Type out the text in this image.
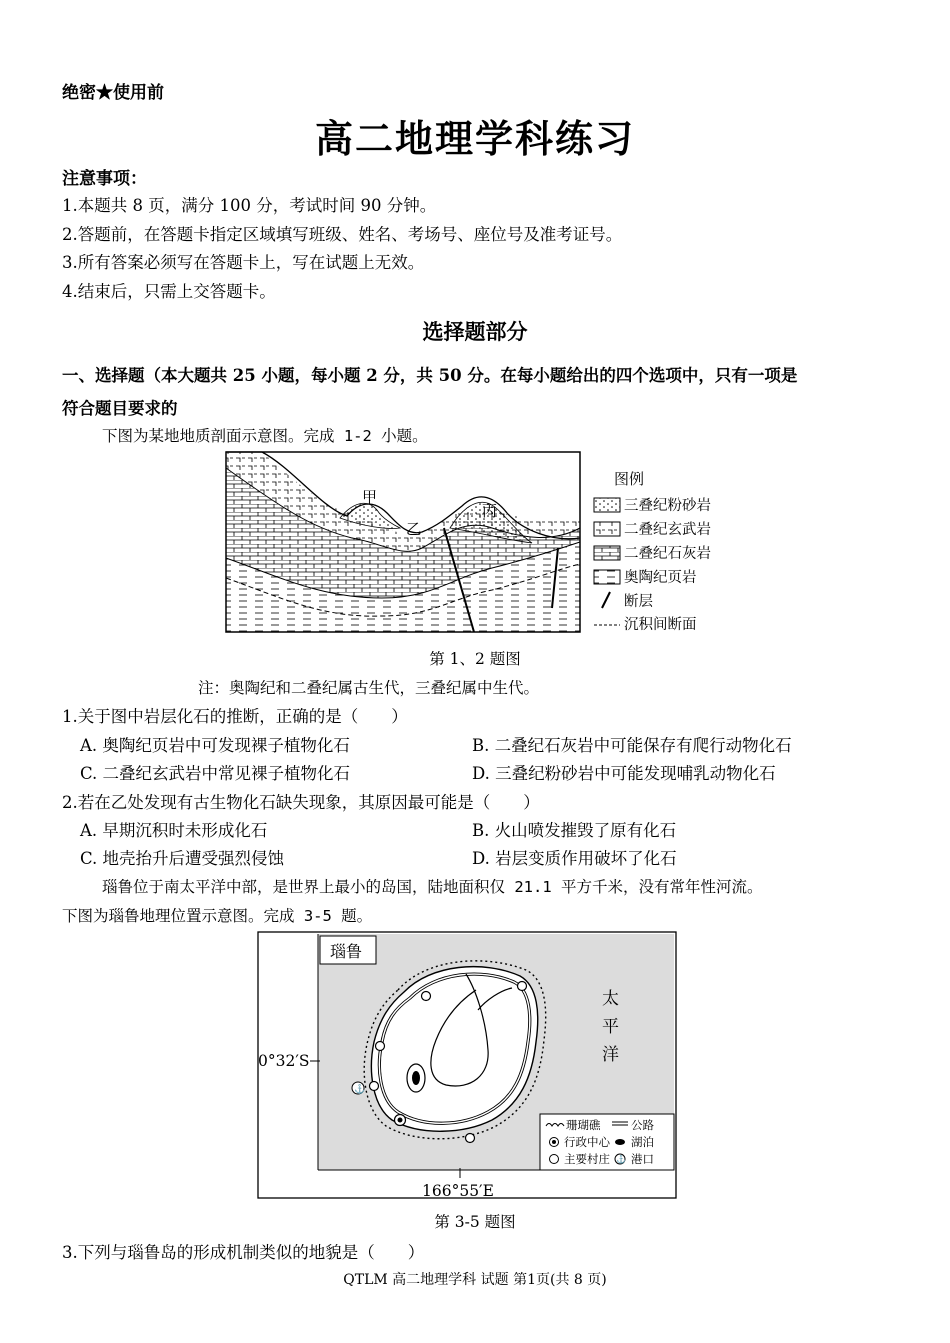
绝密★使用前
高二地理学科练习
注意事项：
1.本题共 8 页，满分 100 分，考试时间 90 分钟。
2.答题前，在答题卡指定区域填写班级、姓名、考场号、座位号及准考证号。
3.所有答案必须写在答题卡上，写在试题上无效。
4.结束后，只需上交答题卡。
选择题部分
一、选择题（本大题共 25 小题，每小题 2 分，共 50 分。在每小题给出的四个选项中，只有一项是
符合题目要求的
下图为某地地质剖面示意图。完成 1-2 小题。
甲
乙
丙
图例
三叠纪粉砂岩
二叠纪玄武岩
二叠纪石灰岩
奥陶纪页岩
断层
沉积间断面
第 1、2 题图
注：奥陶纪和二叠纪属古生代，三叠纪属中生代。
1.关于图中岩层化石的推断，正确的是（　　）
A. 奥陶纪页岩中可发现裸子植物化石	B. 二叠纪石灰岩中可能保存有爬行动物化石
C. 二叠纪玄武岩中常见裸子植物化石	D. 三叠纪粉砂岩中可能发现哺乳动物化石
2.若在乙处发现有古生物化石缺失现象，其原因最可能是（　　）
A. 早期沉积时未形成化石	B. 火山喷发摧毁了原有化石
C. 地壳抬升后遭受强烈侵蚀	D. 岩层变质作用破坏了化石
瑙鲁位于南太平洋中部，是世界上最小的岛国，陆地面积仅 21.1 平方千米，没有常年性河流。
下图为瑙鲁地理位置示意图。完成 3-5 题。
瑙鲁
⚓
太
平
洋
0°32′S
166°55′E
珊瑚礁	公路
行政中心 湖泊
主要村庄 ⚓ 港口
第 3-5 题图
3.下列与瑙鲁岛的形成机制类似的地貌是（　　）
QTLM 高二地理学科 试题 第1页(共 8 页)
